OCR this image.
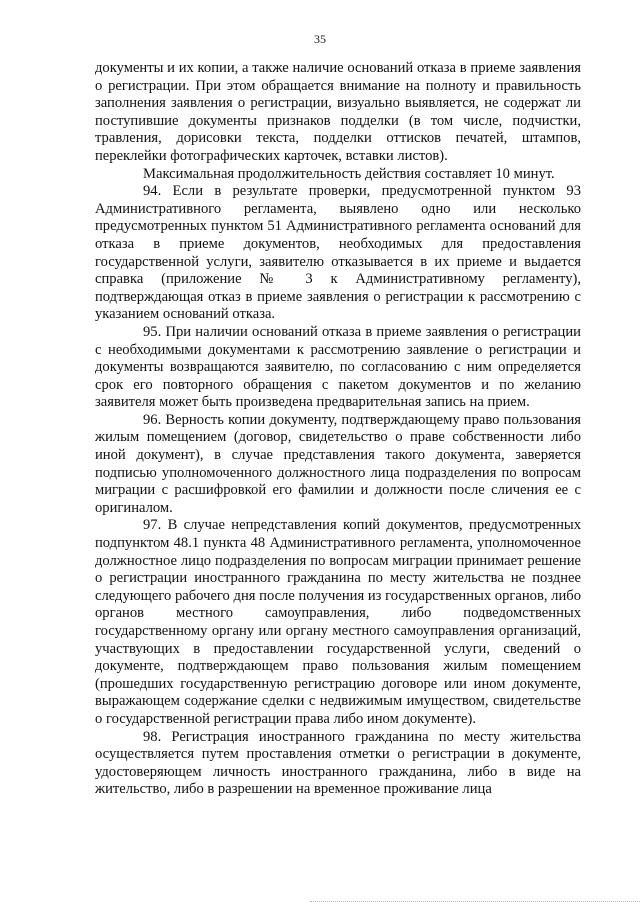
35

документы и их копии, а также наличие оснований отказа в приеме заявления о регистрации. При этом обращается внимание на полноту и правильность заполнения заявления о регистрации, визуально выявляется, не содержат ли поступившие документы признаков подделки (в том числе, подчистки, травления, дорисовки текста, подделки оттисков печатей, штампов, переклейки фотографических карточек, вставки листов).

Максимальная продолжительность действия составляет 10 минут.

94. Если в результате проверки, предусмотренной пунктом 93 Административного регламента, выявлено одно или несколько предусмотренных пунктом 51 Административного регламента оснований для отказа в приеме документов, необходимых для предоставления государственной услуги, заявителю отказывается в их приеме и выдается справка (приложение № 3 к Административному регламенту), подтверждающая отказ в приеме заявления о регистрации к рассмотрению с указанием оснований отказа.

95. При наличии оснований отказа в приеме заявления о регистрации с необходимыми документами к рассмотрению заявление о регистрации и документы возвращаются заявителю, по согласованию с ним определяется срок его повторного обращения с пакетом документов и по желанию заявителя может быть произведена предварительная запись на прием.

96. Верность копии документу, подтверждающему право пользования жилым помещением (договор, свидетельство о праве собственности либо иной документ), в случае представления такого документа, заверяется подписью уполномоченного должностного лица подразделения по вопросам миграции с расшифровкой его фамилии и должности после сличения ее с оригиналом.

97. В случае непредставления копий документов, предусмотренных подпунктом 48.1 пункта 48 Административного регламента, уполномоченное должностное лицо подразделения по вопросам миграции принимает решение о регистрации иностранного гражданина по месту жительства не позднее следующего рабочего дня после получения из государственных органов, либо органов местного самоуправления, либо подведомственных государственному органу или органу местного самоуправления организаций, участвующих в предоставлении государственной услуги, сведений о документе, подтверждающем право пользования жилым помещением (прошедших государственную регистрацию договоре или ином документе, выражающем содержание сделки с недвижимым имуществом, свидетельстве о государственной регистрации права либо ином документе).

98. Регистрация иностранного гражданина по месту жительства осуществляется путем проставления отметки о регистрации в документе, удостоверяющем личность иностранного гражданина, либо в виде на жительство, либо в разрешении на временное проживание лица
